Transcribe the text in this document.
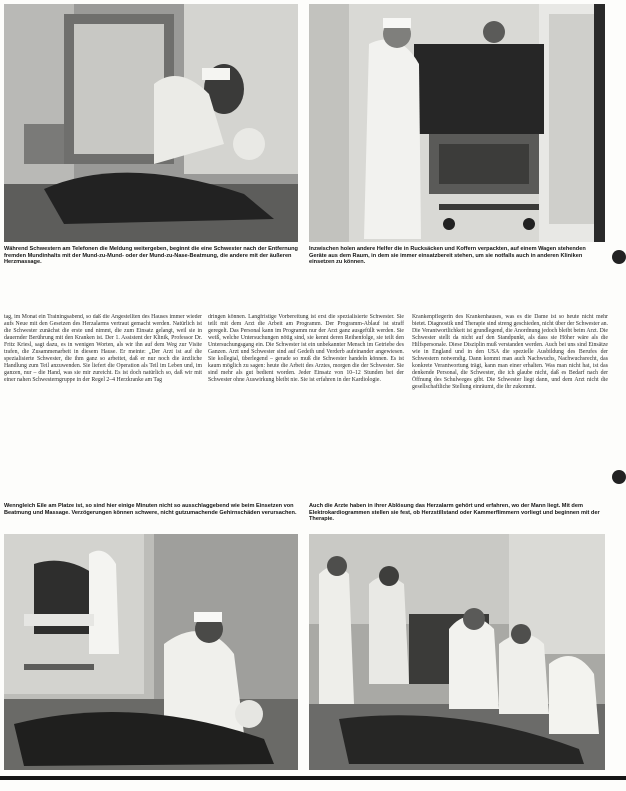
Während Schwestern am Telefonen die Meldung weitergeben, beginnt die eine Schwester nach der Entfernung fremden Mundinhalts mit der Mund-zu-Mund- oder der Mund-zu-Nase-Beatmung, die andere mit der äußeren Herzmassage.

Inzwischen holen andere Helfer die in Rucksäcken und Koffern verpackten, auf einem Wagen stehenden Geräte aus dem Raum, in dem sie immer einsatzbereit stehen, um sie notfalls auch in anderen Kliniken einsetzen zu können.

tag, im Monat ein Trainingsabend, so daß die Angestellten des Hauses immer wieder aufs Neue mit den Gesetzen des Herzalarms vertraut gemacht werden. Natürlich ist die Schwester zunächst die erste und nimmt, die zum Einsatz gelangt, weil sie in dauernder Berührung mit den Kranken ist. Der 1. Assistent der Klinik, Professor Dr. Fritz Kriesl, sagt dazu, es in wenigen Worten, als wir ihn auf dem Weg zur Visite trafen, die Zusammenarbeit in diesem Hause. Er meinte: „Der Arzt ist auf die spezialisierte Schwester, die ihm ganz so arbeitet, daß er nur noch die ärztliche Handlung zum Teil anzuwenden. Sie liefert die Operation als Teil im Leben und, im ganzen, nur – die Hand, was sie mir zureicht. Es ist doch natürlich so, daß wir mit einer nahen Schwesterngruppe in der Regel 2–4 Herzkranke am Tag

dringen können. Langfristige Vorbereitung ist erst die spezialisierte Schwester. Sie teilt mit dem Arzt die Arbeit am Programm. Der Programm-Ablauf ist straff geregelt. Das Personal kann im Programm nur der Arzt ganz ausgefüllt werden. Sie weiß, welche Untersuchungen nötig sind, sie kennt deren Reihenfolge, sie teilt den Untersuchungsgang ein. Die Schwester ist ein unbekannter Mensch im Getriebe des Ganzen. Arzt und Schwester sind auf Gedeih und Verderb aufeinander angewiesen. Sie kollegial, überlegend – gerade so muß die Schwester handeln können. Es ist kaum möglich zu sagen: heute die Arbeit des Arztes, morgen die der Schwester. Sie sind mehr als gut bedient worden. Jeder Einsatz von 10–12 Stunden bei der Schwester ohne Auswirkung bleibt nie. Sie ist erfahren in der Kardiologie.

Krankenpflegerin des Krankenhauses, was es die Dame ist so heute nicht mehr bietet. Diagnostik und Therapie sind streng geschieden, nicht über der Schwester an. Die Verantwortlichkeit ist grundlegend, die Anordnung jedoch bleibt beim Arzt. Die Schwester stellt da nicht auf den Standpunkt, als dass sie Höher wäre als die Hilfspersonale. Diese Disziplin muß verstanden werden. Auch bei uns sind Einsätze wie in England und in den USA die spezielle Ausbildung des Berufes der Schwestern notwendig. Dann kommt man auch Nachwuchs, Nachwuchsrecht, das konkrete Verantwortung trägt, kann man einer erhalten. Was man nicht hat, ist das denkende Personal, die Schwester, die ich glaube nicht, daß es Bedarf nach der Öffnung des Schulweges gibt. Die Schwester liegt dann, und dem Arzt nicht die gesellschaftliche Stellung einräumt, die ihr zukommt.

Wenngleich Eile am Platze ist, so sind hier einige Minuten nicht so ausschlaggebend wie beim Einsetzen von Beatmung und Massage. Verzögerungen können schwere, nicht gutzumachende Gehirnschäden verursachen.

Auch die Ärzte haben in ihrer Ablösung das Herzalarm gehört und erfahren, wo der Mann liegt. Mit dem Elektrokardiogrammen stellen sie fest, ob Herzstillstand oder Kammerflimmern vorliegt und beginnen mit der Therapie.
